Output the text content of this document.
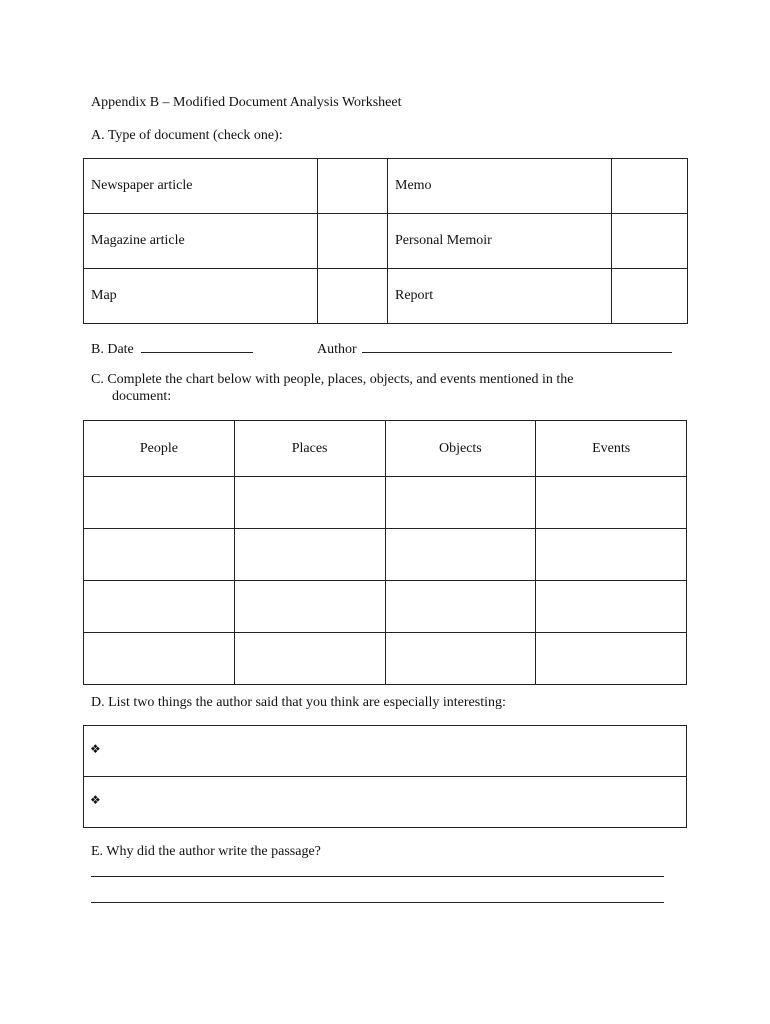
Appendix B – Modified Document Analysis Worksheet
A. Type of document (check one):
Newspaper article		Memo	
Magazine article		Personal Memoir	
Map		Report	
B. Date	Author
C. Complete the chart below with people, places, objects, and events mentioned in the
document:
People	Places	Objects	Events

D. List two things the author said that you think are especially interesting:
❖
❖
E. Why did the author write the passage?
